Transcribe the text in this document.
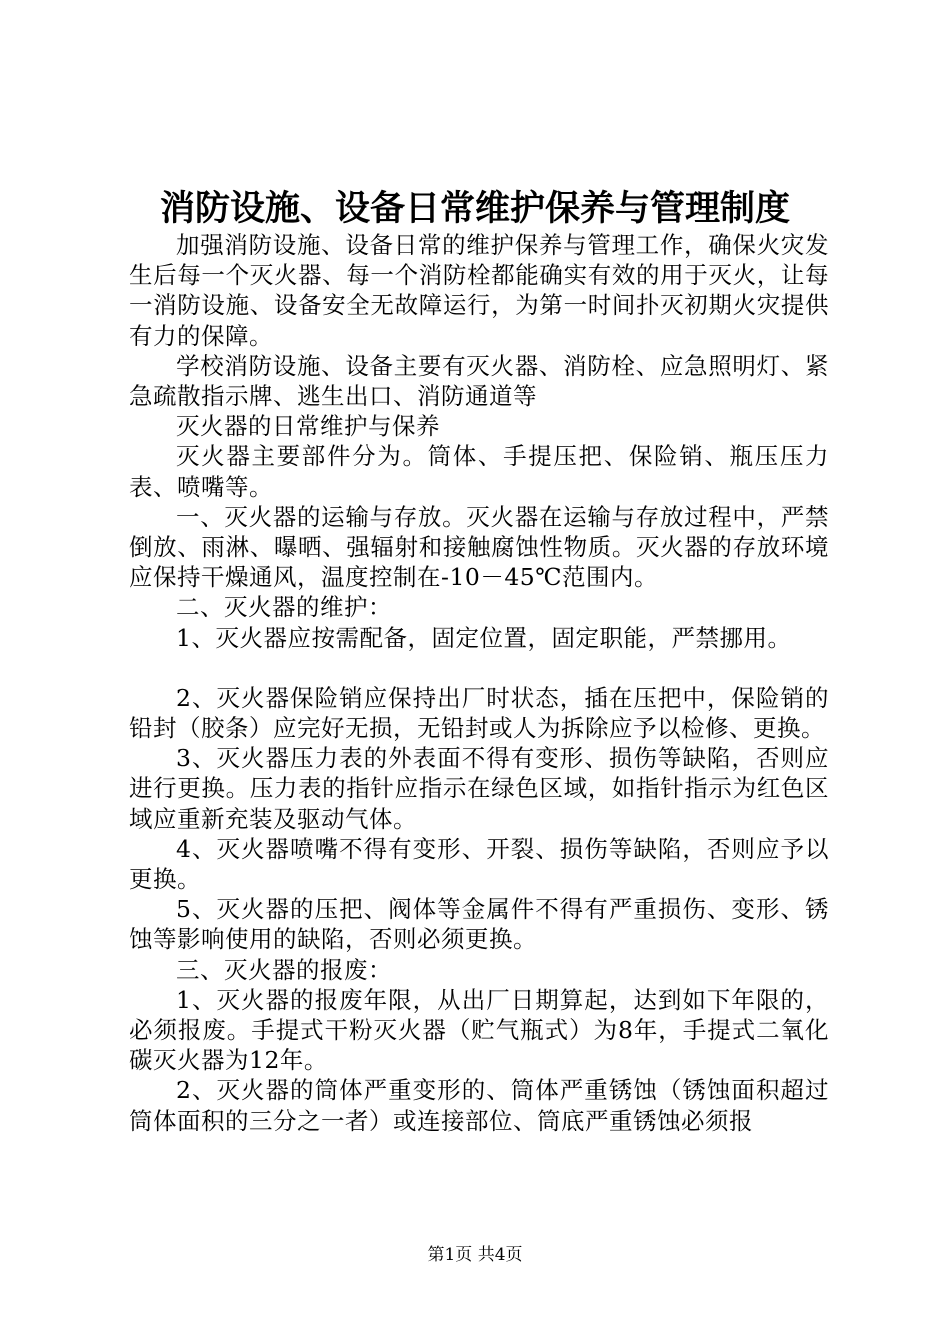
消防设施、设备日常维护保养与管理制度

加强消防设施、设备日常的维护保养与管理工作，确保火灾发生后每一个灭火器、每一个消防栓都能确实有效的用于灭火，让每一消防设施、设备安全无故障运行，为第一时间扑灭初期火灾提供有力的保障。

学校消防设施、设备主要有灭火器、消防栓、应急照明灯、紧急疏散指示牌、逃生出口、消防通道等

灭火器的日常维护与保养

灭火器主要部件分为。筒体、手提压把、保险销、瓶压压力表、喷嘴等。

一、灭火器的运输与存放。灭火器在运输与存放过程中，严禁倒放、雨淋、曝晒、强辐射和接触腐蚀性物质。灭火器的存放环境应保持干燥通风，温度控制在-10－45℃范围内。

二、灭火器的维护：

1、灭火器应按需配备，固定位置，固定职能，严禁挪用。

2、灭火器保险销应保持出厂时状态，插在压把中，保险销的铅封（胶条）应完好无损，无铅封或人为拆除应予以检修、更换。

3、灭火器压力表的外表面不得有变形、损伤等缺陷，否则应进行更换。压力表的指针应指示在绿色区域，如指针指示为红色区域应重新充装及驱动气体。

4、灭火器喷嘴不得有变形、开裂、损伤等缺陷，否则应予以更换。

5、灭火器的压把、阀体等金属件不得有严重损伤、变形、锈蚀等影响使用的缺陷，否则必须更换。

三、灭火器的报废：

1、灭火器的报废年限，从出厂日期算起，达到如下年限的，必须报废。手提式干粉灭火器（贮气瓶式）为8年，手提式二氧化碳灭火器为12年。

2、灭火器的筒体严重变形的、筒体严重锈蚀（锈蚀面积超过筒体面积的三分之一者）或连接部位、筒底严重锈蚀必须报

第1页 共4页
